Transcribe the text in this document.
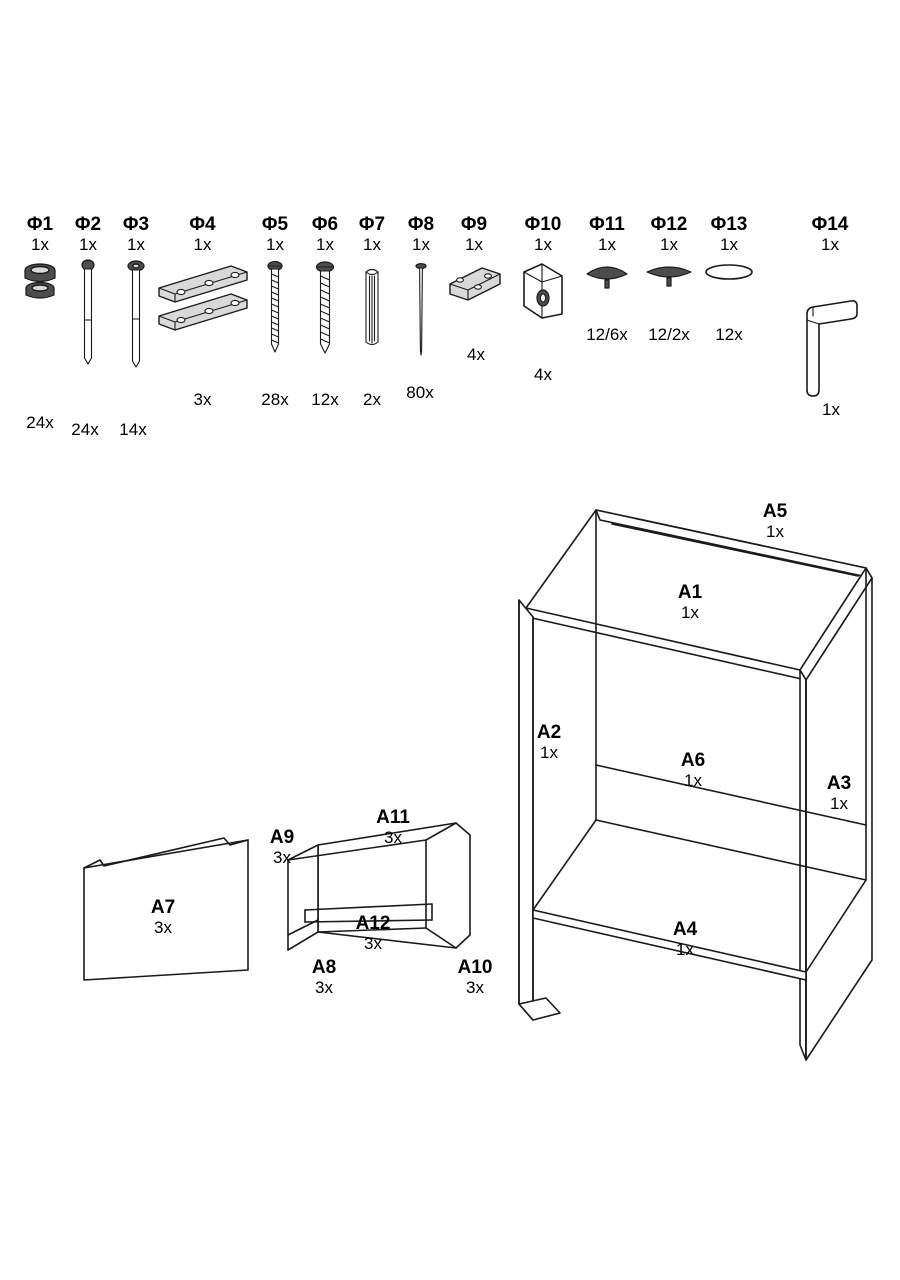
Φ1
1x
24x
Φ2
1x
24x
Φ3
1x
14x
Φ4
1x
3x
Φ5
1x
28x
Φ6
1x
12x
Φ7
1x
2x
Φ8
1x
80x
Φ9
1x
4x
Φ10
1x
4x
Φ11
1x
12/6x
Φ12
1x
12/2x
Φ13
1x
12x
Φ14
1x
1x
A5
1x
A1
1x
A2
1x	A6
1x	A3
1x
A4
1x
A7
3x
A9
3x
A11
3x
A12
3x
A8
3x
A10
3x
